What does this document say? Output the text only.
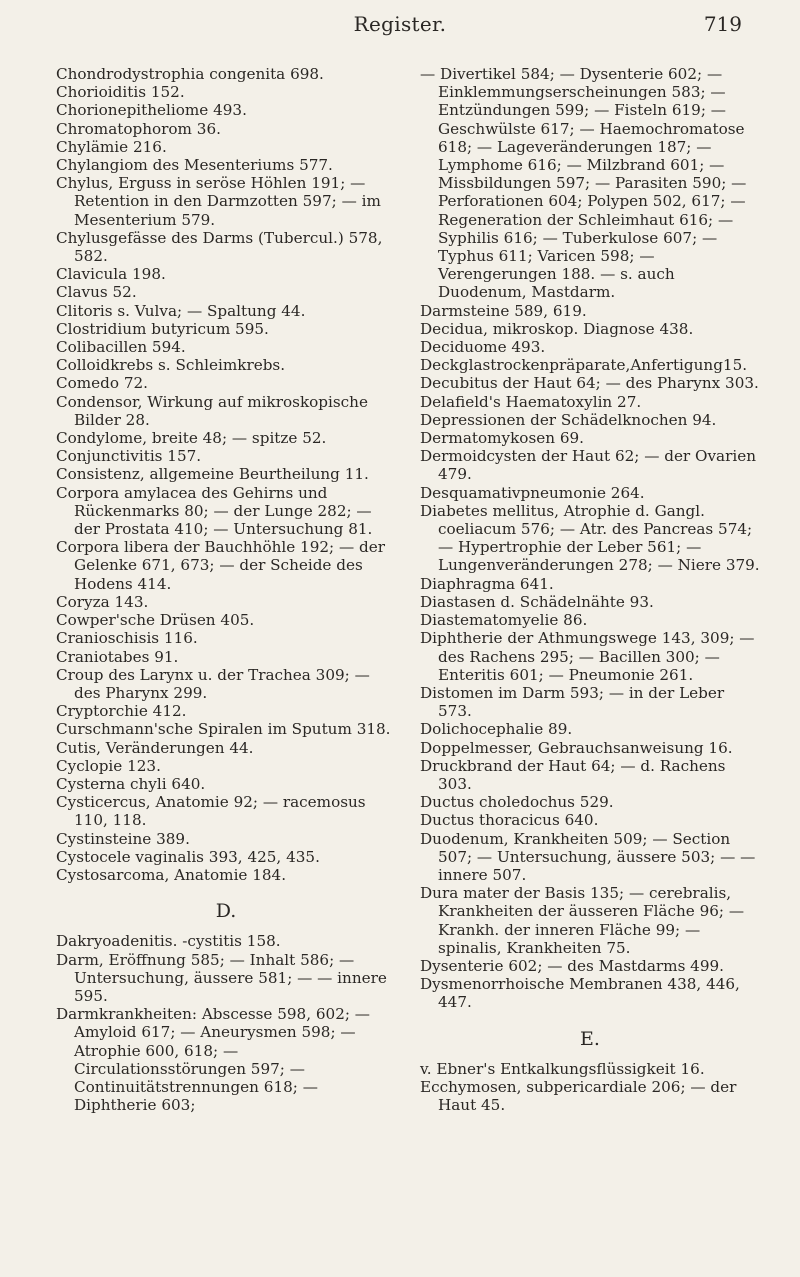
Register.	719

Chondrodystrophia congenita 698.

Chorioiditis 152.

Chorionepitheliome 493.

Chromatophorom 36.

Chylämie 216.

Chylangiom des Mesenteriums 577.

Chylus, Erguss in seröse Höhlen 191; — Retention in den Darmzotten 597; — im Mesenterium 579.

Chylusgefässe des Darms (Tubercul.) 578, 582.

Clavicula 198.

Clavus 52.

Clitoris s. Vulva; — Spaltung 44.

Clostridium butyricum 595.

Colibacillen 594.

Colloidkrebs s. Schleimkrebs.

Comedo 72.

Condensor, Wirkung auf mikroskopische Bilder 28.

Condylome, breite 48; — spitze 52.

Conjunctivitis 157.

Consistenz, allgemeine Beurtheilung 11.

Corpora amylacea des Gehirns und Rückenmarks 80; — der Lunge 282; — der Prostata 410; — Untersuchung 81.

Corpora libera der Bauchhöhle 192; — der Gelenke 671, 673; — der Scheide des Hodens 414.

Coryza 143.

Cowper'sche Drüsen 405.

Cranioschisis 116.

Craniotabes 91.

Croup des Larynx u. der Trachea 309; — des Pharynx 299.

Cryptorchie 412.

Curschmann'sche Spiralen im Sputum 318.

Cutis, Veränderungen 44.

Cyclopie 123.

Cysterna chyli 640.

Cysticercus, Anatomie 92; — racemosus 110, 118.

Cystinsteine 389.

Cystocele vaginalis 393, 425, 435.

Cystosarcoma, Anatomie 184.

D.

Dakryoadenitis. -cystitis 158.

Darm, Eröffnung 585; — Inhalt 586; — Untersuchung, äussere 581; — — innere 595.

Darmkrankheiten: Abscesse 598, 602; — Amyloid 617; — Aneurysmen 598; — Atrophie 600, 618; — Circulationsstörungen 597; — Continuitätstrennungen 618; — Diphtherie 603;

— Divertikel 584; — Dysenterie 602; — Einklemmungserscheinungen 583; — Entzündungen 599; — Fisteln 619; — Geschwülste 617; — Haemochromatose 618; — Lageveränderungen 187; — Lymphome 616; — Milzbrand 601; — Missbildungen 597; — Parasiten 590; — Perforationen 604; Polypen 502, 617; — Regeneration der Schleimhaut 616; — Syphilis 616; — Tuberkulose 607; — Typhus 611; Varicen 598; — Verengerungen 188. — s. auch Duodenum, Mastdarm.

Darmsteine 589, 619.

Decidua, mikroskop. Diagnose 438.

Deciduome 493.

Deckglastrockenpräparate,Anfertigung15.

Decubitus der Haut 64; — des Pharynx 303.

Delafield's Haematoxylin 27.

Depressionen der Schädelknochen 94.

Dermatomykosen 69.

Dermoidcysten der Haut 62; — der Ovarien 479.

Desquamativpneumonie 264.

Diabetes mellitus, Atrophie d. Gangl. coeliacum 576; — Atr. des Pancreas 574; — Hypertrophie der Leber 561; — Lungenveränderungen 278; — Niere 379.

Diaphragma 641.

Diastasen d. Schädelnähte 93.

Diastematomyelie 86.

Diphtherie der Athmungswege 143, 309; — des Rachens 295; — Bacillen 300; — Enteritis 601; — Pneumonie 261.

Distomen im Darm 593; — in der Leber 573.

Dolichocephalie 89.

Doppelmesser, Gebrauchsanweisung 16.

Druckbrand der Haut 64; — d. Rachens 303.

Ductus choledochus 529.

Ductus thoracicus 640.

Duodenum, Krankheiten 509; — Section 507; — Untersuchung, äussere 503; — — innere 507.

Dura mater der Basis 135; — cerebralis, Krankheiten der äusseren Fläche 96; — Krankh. der inneren Fläche 99; — spinalis, Krankheiten 75.

Dysenterie 602; — des Mastdarms 499.

Dysmenorrhoische Membranen 438, 446, 447.

E.

v. Ebner's Entkalkungsflüssigkeit 16.

Ecchymosen, subpericardiale 206; — der Haut 45.
